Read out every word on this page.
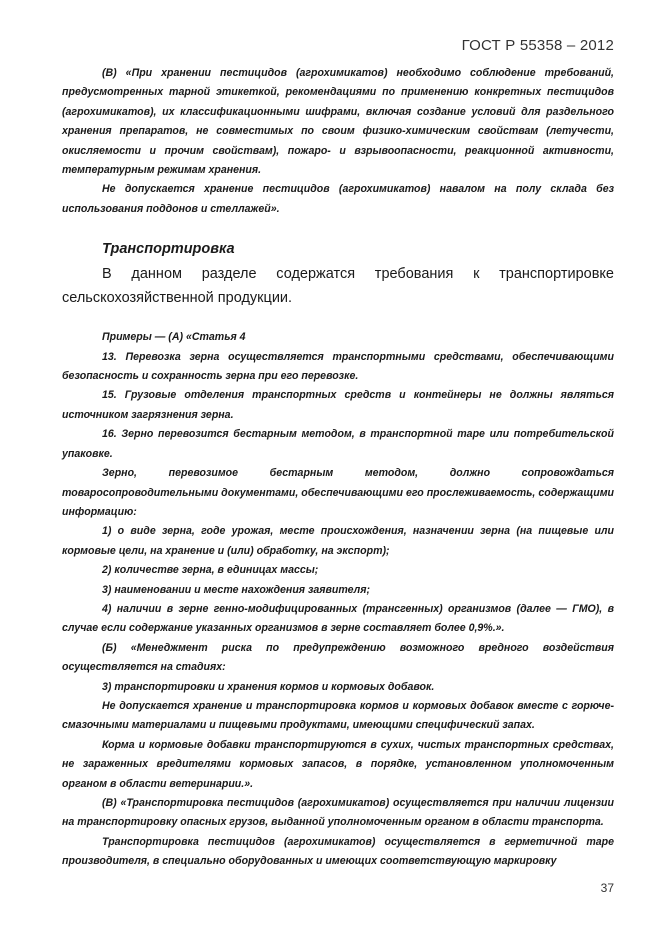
ГОСТ Р 55358 – 2012

(В) «При хранении пестицидов (агрохимикатов) необходимо соблюдение требований, предусмотренных тарной этикеткой, рекомендациями по применению конкретных пестицидов (агрохимикатов), их классификационными шифрами, включая создание условий для раздельного хранения препаратов, не совместимых по своим физико-химическим свойствам (летучести, окисляемости и прочим свойствам), пожаро- и взрывоопасности, реакционной активности, температурным режимам хранения.

Не допускается хранение пестицидов (агрохимикатов) навалом на полу склада без использования поддонов и стеллажей».

Транспортировка

В данном разделе содержатся требования к транспортировке сельскохозяйственной продукции.

Примеры — (А) «Статья 4

13. Перевозка зерна осуществляется транспортными средствами, обеспечивающими безопасность и сохранность зерна при его перевозке.

15. Грузовые отделения транспортных средств и контейнеры не должны являться источником загрязнения зерна.

16. Зерно перевозится бестарным методом, в транспортной таре или потребительской упаковке.

Зерно, перевозимое бестарным методом, должно сопровождаться товаросопроводительными документами, обеспечивающими его прослеживаемость, содержащими информацию:

1) о виде зерна, годе урожая, месте происхождения, назначении зерна (на пищевые или кормовые цели, на хранение и (или) обработку, на экспорт);

2) количестве зерна, в единицах массы;

3) наименовании и месте нахождения заявителя;

4) наличии в зерне генно-модифицированных (трансгенных) организмов (далее — ГМО), в случае если содержание указанных организмов в зерне составляет более 0,9%.».

(Б) «Менеджмент риска по предупреждению возможного вредного воздействия осуществляется на стадиях:

3) транспортировки и хранения кормов и кормовых добавок.

Не допускается хранение и транспортировка кормов и кормовых добавок вместе с горюче-смазочными материалами и пищевыми продуктами, имеющими специфический запах.

Корма и кормовые добавки транспортируются в сухих, чистых транспортных средствах, не зараженных вредителями кормовых запасов, в порядке, установленном уполномоченным органом в области ветеринарии.».

(В) «Транспортировка пестицидов (агрохимикатов) осуществляется при наличии лицензии на транспортировку опасных грузов, выданной уполномоченным органом в области транспорта.

Транспортировка пестицидов (агрохимикатов) осуществляется в герметичной таре производителя, в специально оборудованных и имеющих соответствующую маркировку

37
